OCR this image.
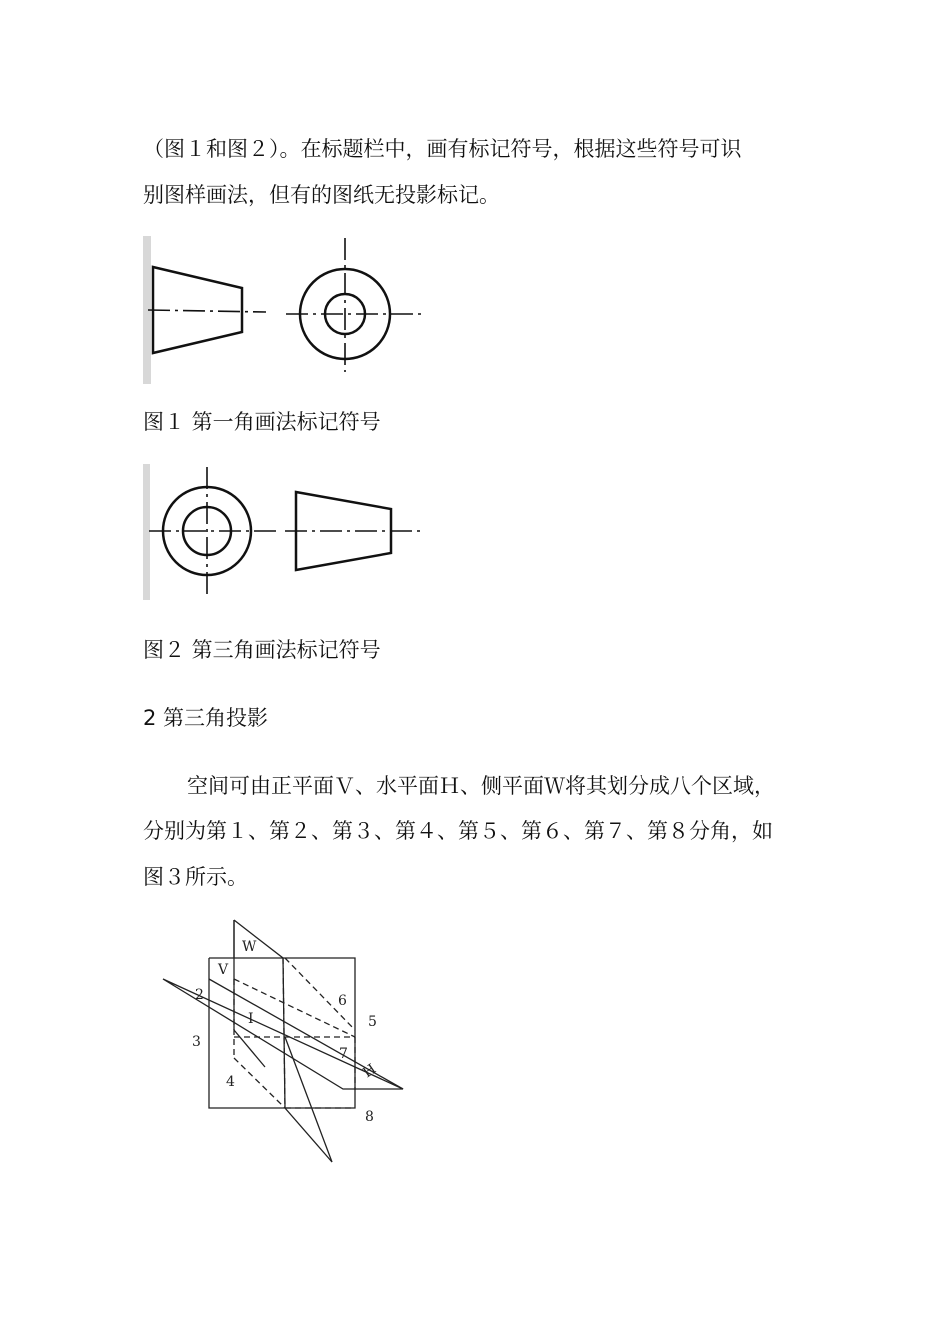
（图１和图２）。在标题栏中，画有标记符号，根据这些符号可识

别图样画法，但有的图纸无投影标记。

图１ 第一角画法标记符号

图２ 第三角画法标记符号

2 第三角投影

空间可由正平面Ｖ、水平面Ｈ、侧平面Ｗ将其划分成八个区域，

分别为第１、第２、第３、第４、第５、第６、第７、第８分角，如

图３所示。

W
V
H
I
2
3
4
5
6
7
8
